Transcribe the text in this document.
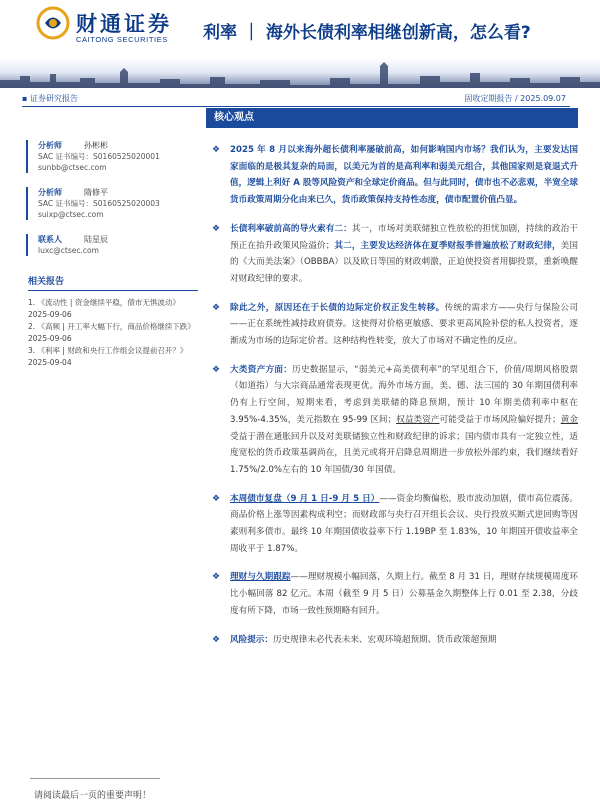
财通证券
CAITONG SECURITIES 利率 ｜ 海外长债利率相继创新高，怎么看?
▪ 证券研究报告	固收定期报告 / 2025.09.07
分析师	孙彬彬
SAC 证书编号：S0160525020001
sunbb@ctsec.com
分析师	隋修平
SAC 证书编号：S0160525020003
suixp@ctsec.com
联系人	陆星辰
luxc@ctsec.com
相关报告
1. 《流动性 | 资金继续平稳，债市无惧波动》 2025-09-06
2. 《高频 | 开工率大幅下行，商品价格继续下跌》 2025-09-06
3. 《利率 | 财政和央行工作组会议提前召开？》 2025-09-04
核心观点
❖ 2025 年 8 月以来海外超长债利率屡破前高，如何影响国内市场？我们认为，主要发达国家面临的是极其复杂的局面，以美元为首的是高利率和弱美元组合，其他国家则是衰退式升值，逻辑上利好 A 股等风险资产和全球定价商品。但与此同时，债市也不必悲观，半宽全球货币政策周期分化由来已久，货币政策保持支持性态度，债市配置价值凸显。
❖ 长债利率破前高的导火索有二：其一，市场对美联储独立性放松的担忧加剧，持续的政治干预正在抬升政策风险溢价；其二，主要发达经济体在夏季财报季普遍放松了财政纪律，美国的《大而美法案》（OBBBA）以及欧日等国的财政刺激，正迫使投资者用脚投票，重新唤醒对财政纪律的要求。
❖ 除此之外，原因还在于长债的边际定价权正发生转移。传统的需求方——央行与保险公司——正在系统性减持政府债券。这使得对价格更敏感、要求更高风险补偿的私人投资者，逐渐成为市场的边际定价者。这种结构性转变，放大了市场对不确定性的反应。
❖ 大类资产方面：历史数据显示，“弱美元+高美债利率”的罕见组合下，价值/周期风格股票（如道指）与大宗商品通常表现更优。海外市场方面，美、德、法三国的 30 年期国债利率仍有上行空间，短期来看，考虑到美联储的降息预期，预计 10 年期美债利率中枢在 3.95%-4.35%，美元指数在 95-99 区间；权益类资产可能受益于市场风险偏好提升；黄金受益于潜在通胀回升以及对美联储独立性和财政纪律的诉求；国内债市具有一定独立性，适度宽松的货币政策基调尚在，且美元或将开启降息周期进一步放松外部约束，我们继续看好 1.75%/2.0%左右的 10 年国债/30 年国债。
❖ 本周债市复盘（9 月 1 日-9 月 5 日）——资金均衡偏松，股市波动加剧，债市高位震荡。商品价格上涨等因素构成利空；而财政部与央行召开组长会议、央行投放买断式逆回购等因素则利多债市。最终 10 年期国债收益率下行 1.19BP 至 1.83%，10 年期国开债收益率全周收平于 1.87%。
❖ 理财与久期跟踪——理财规模小幅回落，久期上行。截至 8 月 31 日，理财存续规模周度环比小幅回落 82 亿元。本周（截至 9 月 5 日）公募基金久期整体上行 0.01 至 2.38，分歧度有所下降，市场一致性预期略有回升。
❖ 风险提示：历史规律未必代表未来、宏观环境超预期、货币政策超预期
请阅读最后一页的重要声明！
